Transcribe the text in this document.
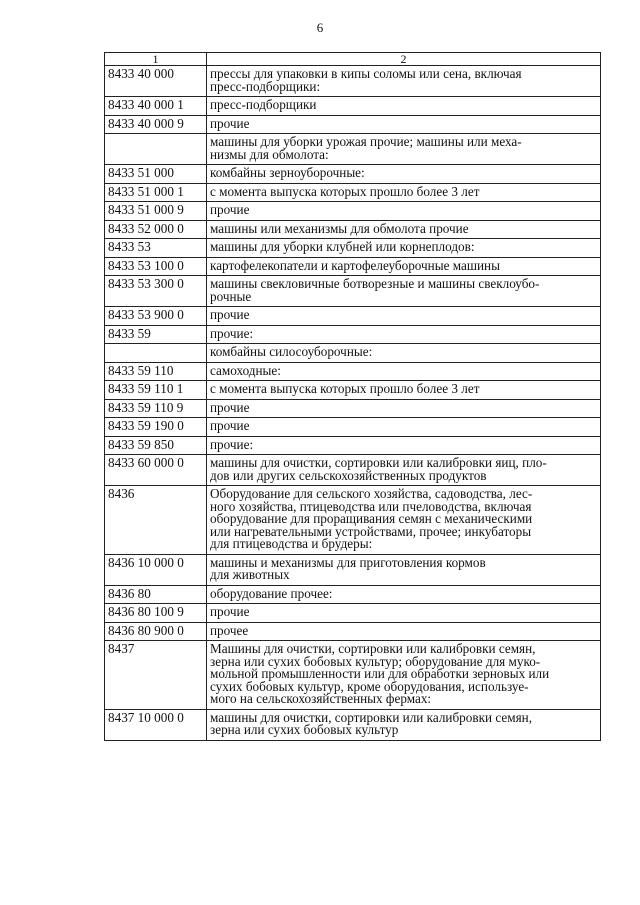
6
1	2
8433 40 000	прессы для упаковки в кипы соломы или сена, включая
пресс-подборщики:
8433 40 000 1	пресс-подборщики
8433 40 000 9	прочие
	машины для уборки урожая прочие; машины или меха-
низмы для обмолота:
8433 51 000	комбайны зерноуборочные:
8433 51 000 1	с момента выпуска которых прошло более 3 лет
8433 51 000 9	прочие
8433 52 000 0	машины или механизмы для обмолота прочие
8433 53	машины для уборки клубней или корнеплодов:
8433 53 100 0	картофелекопатели и картофелеуборочные машины
8433 53 300 0	машины свекловичные ботворезные и машины свеклоубо-
рочные
8433 53 900 0	прочие
8433 59	прочие:
	комбайны силосоуборочные:
8433 59 110	самоходные:
8433 59 110 1	с момента выпуска которых прошло более 3 лет
8433 59 110 9	прочие
8433 59 190 0	прочие
8433 59 850	прочие:
8433 60 000 0	машины для очистки, сортировки или калибровки яиц, пло-
дов или других сельскохозяйственных продуктов
8436	Оборудование для сельского хозяйства, садоводства, лес-
ного хозяйства, птицеводства или пчеловодства, включая
оборудование для проращивания семян с механическими
или нагревательными устройствами, прочее; инкубаторы
для птицеводства и брудеры:
8436 10 000 0	машины и механизмы для приготовления кормов
для животных
8436 80	оборудование прочее:
8436 80 100 9	прочие
8436 80 900 0	прочее
8437	Машины для очистки, сортировки или калибровки семян,
зерна или сухих бобовых культур; оборудование для муко-
мольной промышленности или для обработки зерновых или
сухих бобовых культур, кроме оборудования, используе-
мого на сельскохозяйственных фермах:
8437 10 000 0	машины для очистки, сортировки или калибровки семян,
зерна или сухих бобовых культур
